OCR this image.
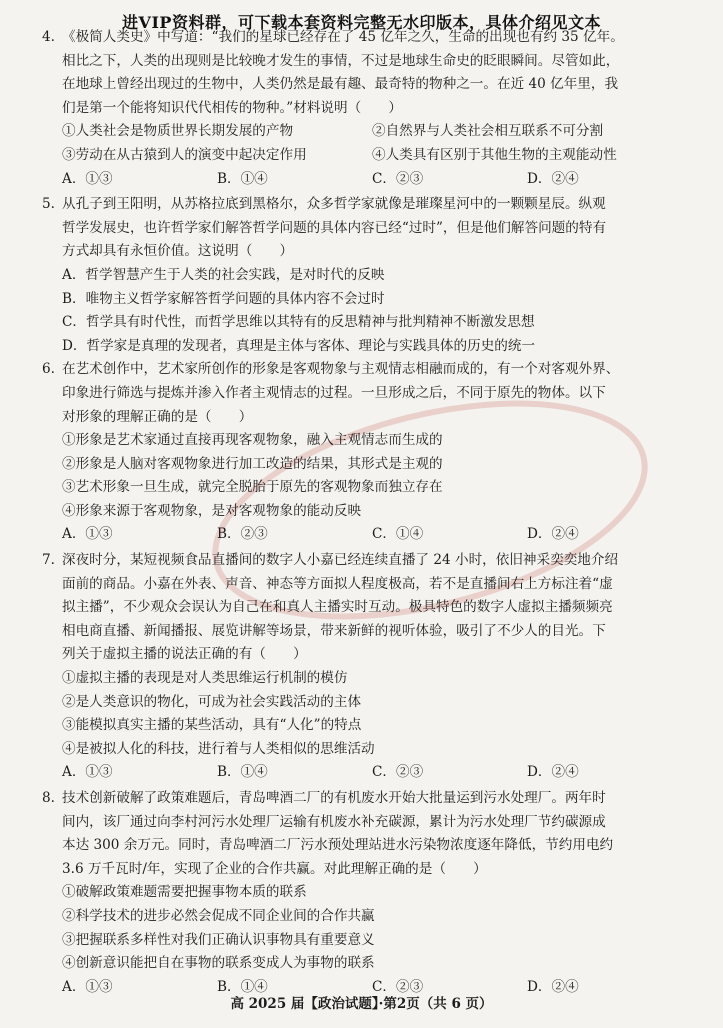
进VIP资料群，可下载本套资料完整无水印版本，具体介绍见文本
4. 《极简人类史》中写道：“我们的星球已经存在了 45 亿年之久，生命的出现也有约 35 亿年。
相比之下，人类的出现则是比较晚才发生的事情，不过是地球生命史的眨眼瞬间。尽管如此，
在地球上曾经出现过的生物中，人类仍然是最有趣、最奇特的物种之一。在近 40 亿年里，我
们是第一个能将知识代代相传的物种。”材料说明（　　）
①人类社会是物质世界长期发展的产物	②自然界与人类社会相互联系不可分割
③劳动在从古猿到人的演变中起决定作用	④人类具有区别于其他生物的主观能动性
A．①③	B．①④	C．②③	D．②④
5. 从孔子到王阳明，从苏格拉底到黑格尔，众多哲学家就像是璀璨星河中的一颗颗星辰。纵观
哲学发展史，也许哲学家们解答哲学问题的具体内容已经“过时”，但是他们解答问题的特有
方式却具有永恒价值。这说明（　　）
A．哲学智慧产生于人类的社会实践，是对时代的反映
B．唯物主义哲学家解答哲学问题的具体内容不会过时
C．哲学具有时代性，而哲学思维以其特有的反思精神与批判精神不断激发思想
D．哲学家是真理的发现者，真理是主体与客体、理论与实践具体的历史的统一
6. 在艺术创作中，艺术家所创作的形象是客观物象与主观情志相融而成的，有一个对客观外界、
印象进行筛选与提炼并渗入作者主观情志的过程。一旦形成之后，不同于原先的物体。以下
对形象的理解正确的是（　　）
①形象是艺术家通过直接再现客观物象，融入主观情志而生成的
②形象是人脑对客观物象进行加工改造的结果，其形式是主观的
③艺术形象一旦生成，就完全脱胎于原先的客观物象而独立存在
④形象来源于客观物象，是对客观物象的能动反映
A．①③	B．②③	C．①④	D．②④
7. 深夜时分，某短视频食品直播间的数字人小嘉已经连续直播了 24 小时，依旧神采奕奕地介绍
面前的商品。小嘉在外表、声音、神态等方面拟人程度极高，若不是直播间右上方标注着“虚
拟主播”，不少观众会误认为自己在和真人主播实时互动。极具特色的数字人虚拟主播频频亮
相电商直播、新闻播报、展览讲解等场景，带来新鲜的视听体验，吸引了不少人的目光。下
列关于虚拟主播的说法正确的有（　　）
①虚拟主播的表现是对人类思维运行机制的模仿
②是人类意识的物化，可成为社会实践活动的主体
③能模拟真实主播的某些活动，具有“人化”的特点
④是被拟人化的科技，进行着与人类相似的思维活动
A．①③	B．①④	C．②③	D．②④
8. 技术创新破解了政策难题后，青岛啤酒二厂的有机废水开始大批量运到污水处理厂。两年时
间内，该厂通过向李村河污水处理厂运输有机废水补充碳源，累计为污水处理厂节约碳源成
本达 300 余万元。同时，青岛啤酒二厂污水预处理站进水污染物浓度逐年降低，节约用电约
3.6 万千瓦时/年，实现了企业的合作共赢。对此理解正确的是（　　）
①破解政策难题需要把握事物本质的联系
②科学技术的进步必然会促成不同企业间的合作共赢
③把握联系多样性对我们正确认识事物具有重要意义
④创新意识能把自在事物的联系变成人为事物的联系
A．①③	B．①④	C．②③	D．②④
高 2025 届【政治试题】·第2页（共 6 页）
